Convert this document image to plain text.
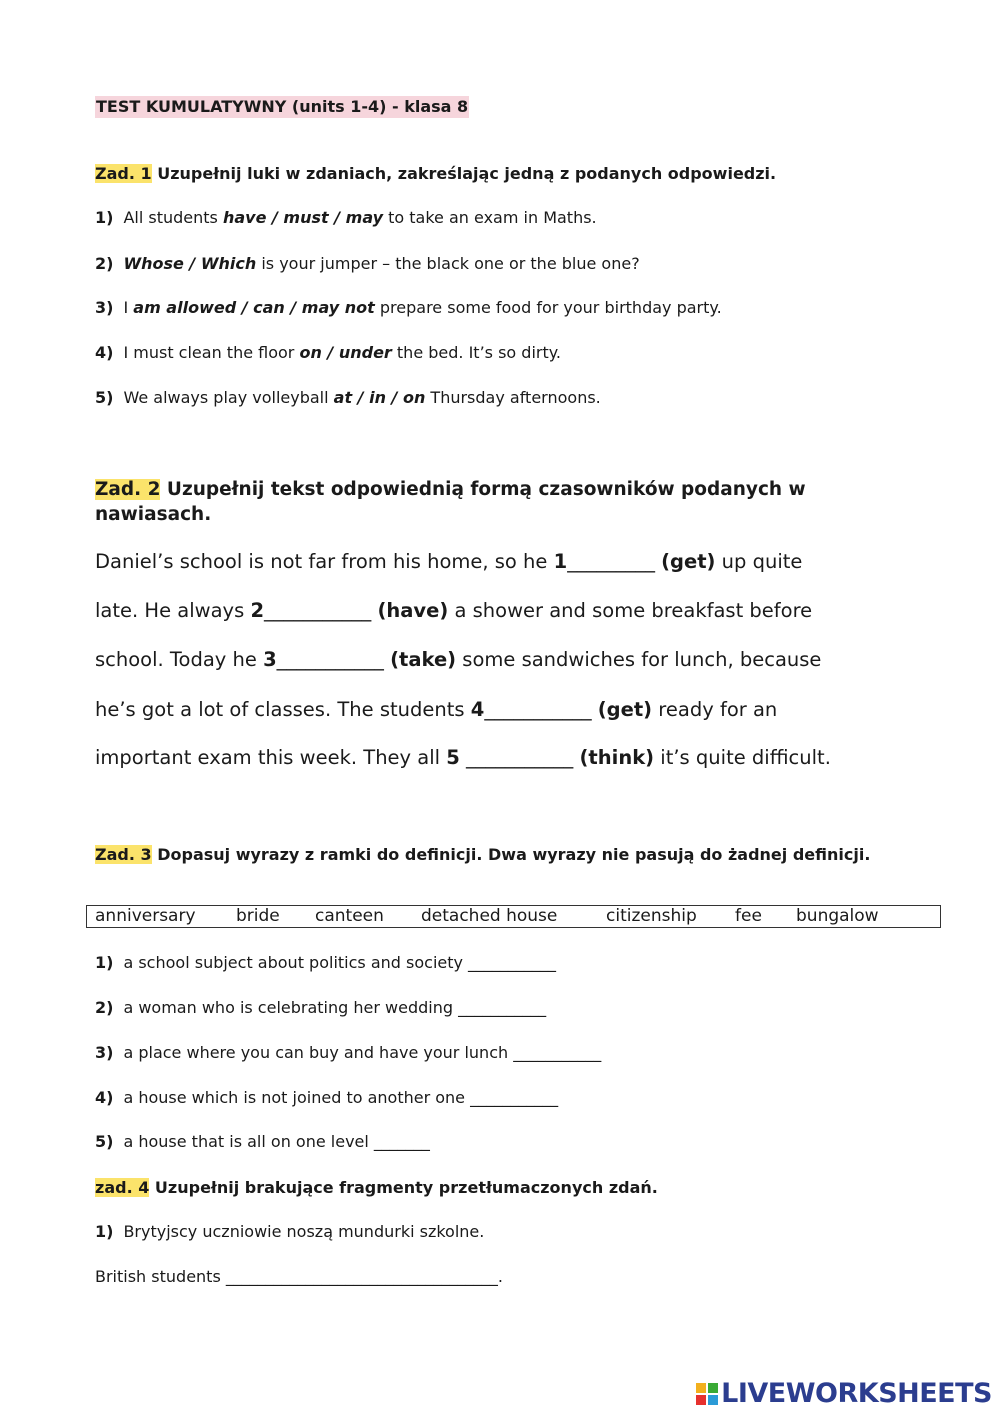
TEST KUMULATYWNY (units 1-4) - klasa 8
Zad. 1 Uzupełnij luki w zdaniach, zakreślając jedną z podanych odpowiedzi.
1) All students have / must / may to take an exam in Maths.
2) Whose / Which is your jumper – the black one or the blue one?
3) I am allowed / can / may not prepare some food for your birthday party.
4) I must clean the floor on / under the bed. It’s so dirty.
5) We always play volleyball at / in / on Thursday afternoons.
Zad. 2 Uzupełnij tekst odpowiednią formą czasowników podanych w nawiasach.
Daniel’s school is not far from his home, so he 1_________ (get) up quite
late. He always 2___________ (have) a shower and some breakfast before
school. Today he 3___________ (take) some sandwiches for lunch, because
he’s got a lot of classes. The students 4___________ (get) ready for an
important exam this week. They all 5 ___________ (think) it’s quite difficult.
Zad. 3 Dopasuj wyrazy z ramki do definicji. Dwa wyrazy nie pasują do żadnej definicji.
anniversary bride canteen detached house	citizenship fee bungalow
1) a school subject about politics and society ___________
2) a woman who is celebrating her wedding ___________
3) a place where you can buy and have your lunch ___________
4) a house which is not joined to another one ___________
5) a house that is all on one level _______
zad. 4 Uzupełnij brakujące fragmenty przetłumaczonych zdań.
1) Brytyjscy uczniowie noszą mundurki szkolne.
British students __________________________________.
LIVEWORKSHEETS
